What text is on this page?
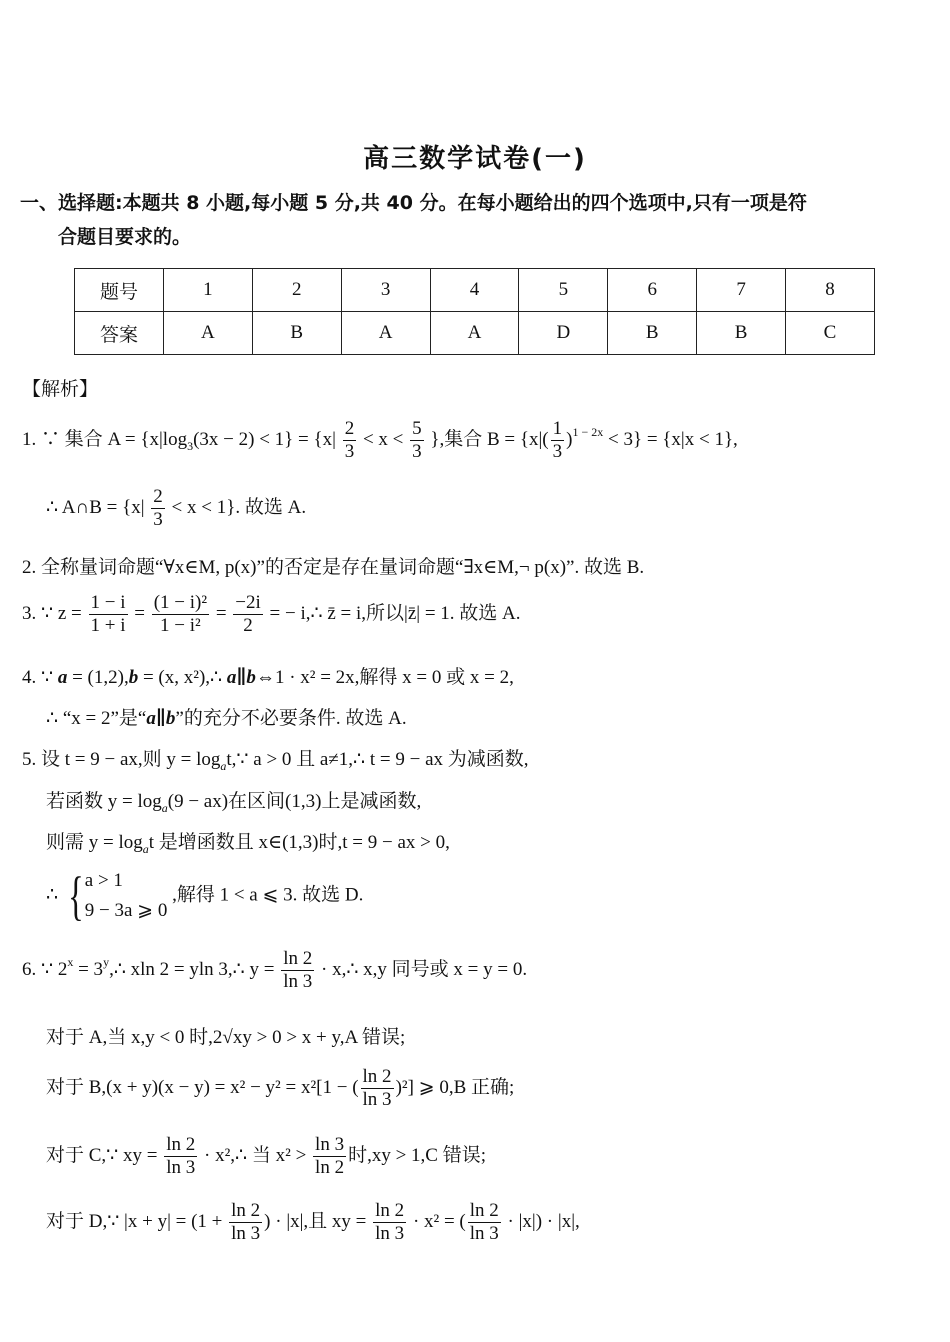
高三数学试卷(一)
一、选择题:本题共 8 小题,每小题 5 分,共 40 分。在每小题给出的四个选项中,只有一项是符
合题目要求的。
题号	1	2	3	4	5	6	7	8
答案	A	B	A	A	D	B	B	C
【解析】
1. ∵ 集合 $A = \{x|\log_3(3x - 2) < 1\} = \{x| \frac{2}{3} < x < \frac{5}{3}$ },集合 $B = \{x|( \frac{1}{3} )^{1 - 2x} < 3\} = \{x|x < 1\}$,
∴ A∩B = $\{x| \frac{2}{3} < x < 1\}$. 故选 A.
2. 全称量词命题“∀x∈M, p(x)”的否定是存在量词命题“∃x∈M,¬ p(x)”. 故选 B.
3. ∵ $z = \frac{1 - i}{1 + i} = \frac{\text{(1 − i)²}}{\text{1 − i²}} = \frac{-2i}{2}$ = − i,∴ z̄ = i,所以|z̄| = 1. 故选 A.
4. ∵ a = (1,2),b = (x, x²),∴ a∥b⇔1 · x² = 2x,解得 x = 0 或 x = 2,
∴ “x = 2”是“a∥b”的充分不必要条件. 故选 A.
5. 设 t = 9 − ax,则 $y = \log_at,\because$ a > 0 且 a≠1,∴ t = 9 − ax 为减函数,
若函数 $y = \log_a(9 - ax)$在区间(1,3)上是减函数,
则需 $y = \log_at$ 是增函数且 x∈(1,3)时,t = 9 − ax > 0,
∴ { a > 1
9 − 3a ⩾ 0
,解得 1 < a ⩽ 3. 故选 D.
6. ∵ $2^x$ = $3^y,\therefore$ xln 2 = yln 3,∴ $y = \frac{\ln 2}{\ln 3}$ · x,∴ x,y 同号或 x = y = 0.
对于 A,当 x,y < 0 时,2√xy > 0 > x + y,A 错误;
对于 B,(x + y)(x − y) = x² − y² = x²[1 − ( $\frac{\ln 2}{\ln 3} )^2$] ⩾ 0,B 正确;
对于 C,∵ xy = $\frac{\ln 2}{\ln 3}$ · x²,∴ 当 $x^2 > \frac{\ln 3}{\ln 2}$ 时,xy > 1,C 错误;
对于 D,∵ $|x + y| = (1 + \frac{\ln 2}{\ln 3}$ ) · |x|,且 xy = $\frac{\ln 2}{\ln 3} \cdot x^2$ = ( $\frac{\ln 2}{\ln 3} \cdot |x|) \cdot |x|$,
